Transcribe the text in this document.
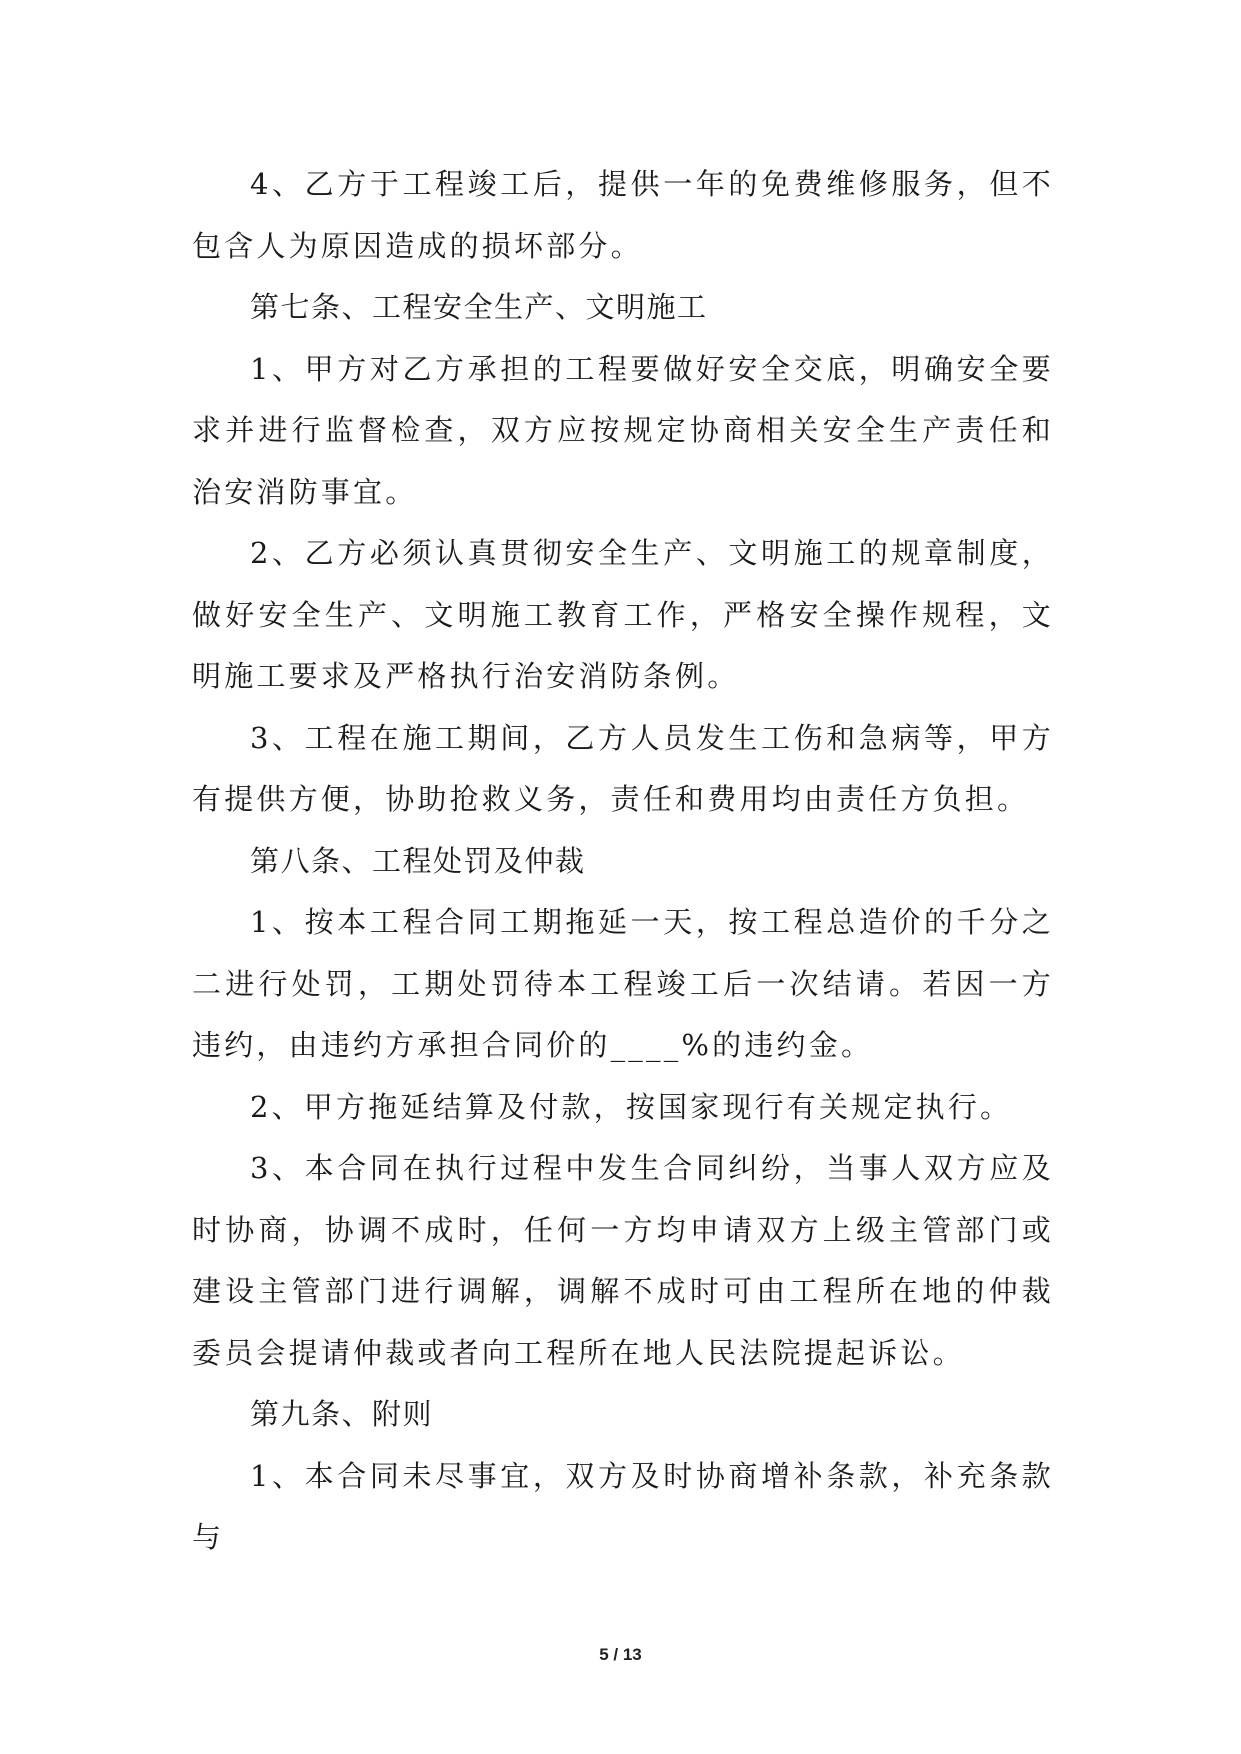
4、乙方于工程竣工后，提供一年的免费维修服务，但不包含人为原因造成的损坏部分。

第七条、工程安全生产、文明施工

1、甲方对乙方承担的工程要做好安全交底，明确安全要求并进行监督检查，双方应按规定协商相关安全生产责任和治安消防事宜。

2、乙方必须认真贯彻安全生产、文明施工的规章制度，做好安全生产、文明施工教育工作，严格安全操作规程，文明施工要求及严格执行治安消防条例。

3、工程在施工期间，乙方人员发生工伤和急病等，甲方有提供方便，协助抢救义务，责任和费用均由责任方负担。

第八条、工程处罚及仲裁

1、按本工程合同工期拖延一天，按工程总造价的千分之二进行处罚，工期处罚待本工程竣工后一次结请。若因一方违约，由违约方承担合同价的____%的违约金。

2、甲方拖延结算及付款，按国家现行有关规定执行。

3、本合同在执行过程中发生合同纠纷，当事人双方应及时协商，协调不成时，任何一方均申请双方上级主管部门或建设主管部门进行调解，调解不成时可由工程所在地的仲裁委员会提请仲裁或者向工程所在地人民法院提起诉讼。

第九条、附则

1、本合同未尽事宜，双方及时协商增补条款，补充条款与

5 / 13
